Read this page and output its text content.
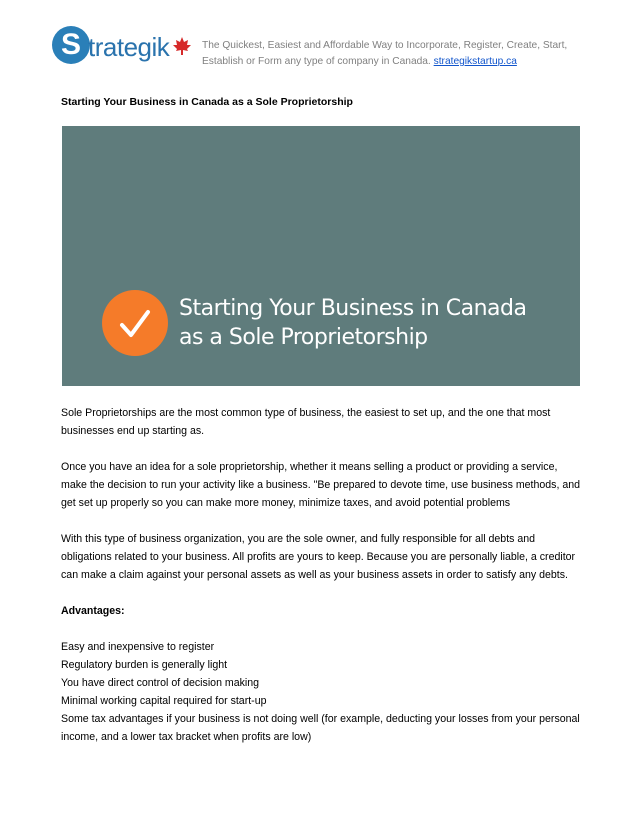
S trategik	The Quickest, Easiest and Affordable Way to Incorporate, Register, Create, Start, Establish or Form any type of company in Canada. strategikstartup.ca

Starting Your Business in Canada as a Sole Proprietorship

Starting Your Business in Canada
as a Sole Proprietorship

Sole Proprietorships are the most common type of business, the easiest to set up, and the one that most businesses end up starting as.

Once you have an idea for a sole proprietorship, whether it means selling a product or providing a service, make the decision to run your activity like a business. "Be prepared to devote time, use business methods, and get set up properly so you can make more money, minimize taxes, and avoid potential problems

With this type of business organization, you are the sole owner, and fully responsible for all debts and obligations related to your business. All profits are yours to keep. Because you are personally liable, a creditor can make a claim against your personal assets as well as your business assets in order to satisfy any debts.

Advantages:

Easy and inexpensive to register

Regulatory burden is generally light

You have direct control of decision making

Minimal working capital required for start-up

Some tax advantages if your business is not doing well (for example, deducting your losses from your personal income, and a lower tax bracket when profits are low)
